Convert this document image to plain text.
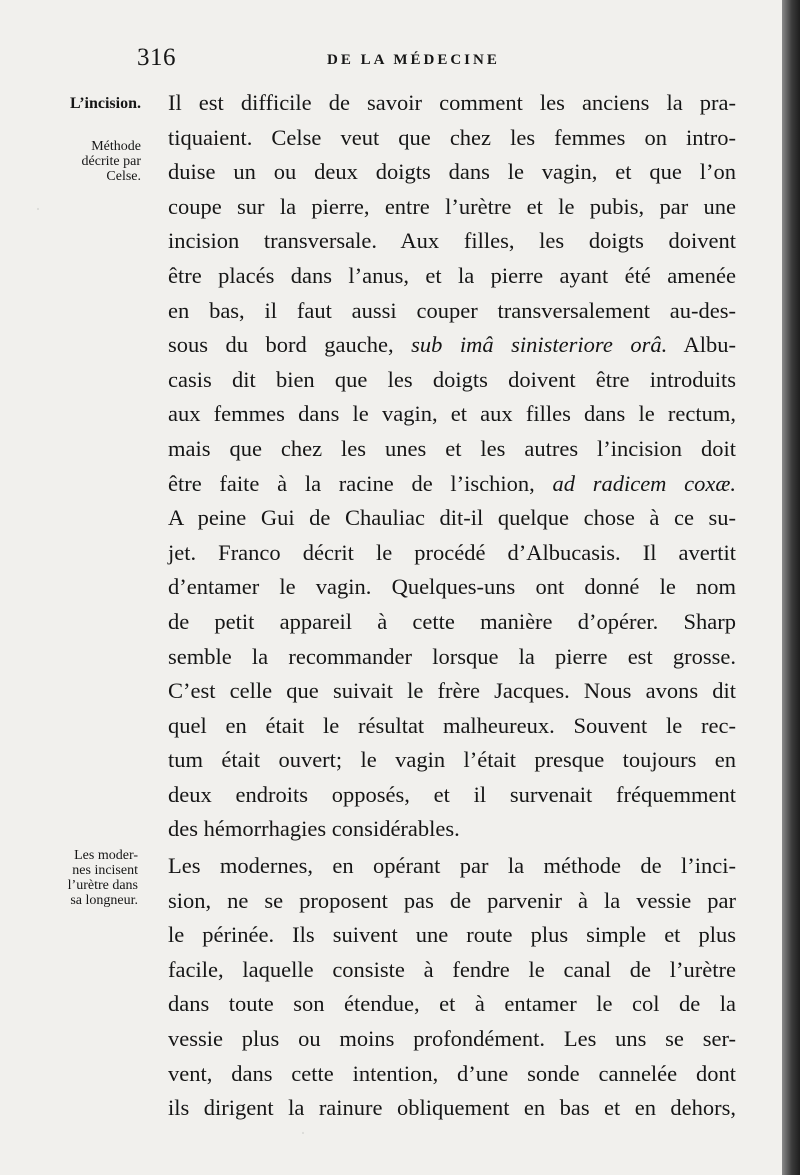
·
·
316	DE LA MÉDECINE
L’incision.
Méthode
décrite par
Celse.
Les moder-
nes incisent
l’urètre dans
sa longneur.
Il est difficile de savoir comment les anciens la pra-
tiquaient. Celse veut que chez les femmes on intro-
duise un ou deux doigts dans le vagin, et que l’on
coupe sur la pierre, entre l’urètre et le pubis, par une
incision transversale. Aux filles, les doigts doivent
être placés dans l’anus, et la pierre ayant été amenée
en bas, il faut aussi couper transversalement au-des-
sous du bord gauche, sub imâ sinisteriore orâ. Albu-
casis dit bien que les doigts doivent être introduits
aux femmes dans le vagin, et aux filles dans le rectum,
mais que chez les unes et les autres l’incision doit
être faite à la racine de l’ischion, ad radicem coxæ.
A peine Gui de Chauliac dit-il quelque chose à ce su-
jet. Franco décrit le procédé d’Albucasis. Il avertit
d’entamer le vagin. Quelques-uns ont donné le nom
de petit appareil à cette manière d’opérer. Sharp
semble la recommander lorsque la pierre est grosse.
C’est celle que suivait le frère Jacques. Nous avons dit
quel en était le résultat malheureux. Souvent le rec-
tum était ouvert; le vagin l’était presque toujours en
deux endroits opposés, et il survenait fréquemment
des hémorrhagies considérables.
Les modernes, en opérant par la méthode de l’inci-
sion, ne se proposent pas de parvenir à la vessie par
le périnée. Ils suivent une route plus simple et plus
facile, laquelle consiste à fendre le canal de l’urètre
dans toute son étendue, et à entamer le col de la
vessie plus ou moins profondément. Les uns se ser-
vent, dans cette intention, d’une sonde cannelée dont
ils dirigent la rainure obliquement en bas et en dehors,
